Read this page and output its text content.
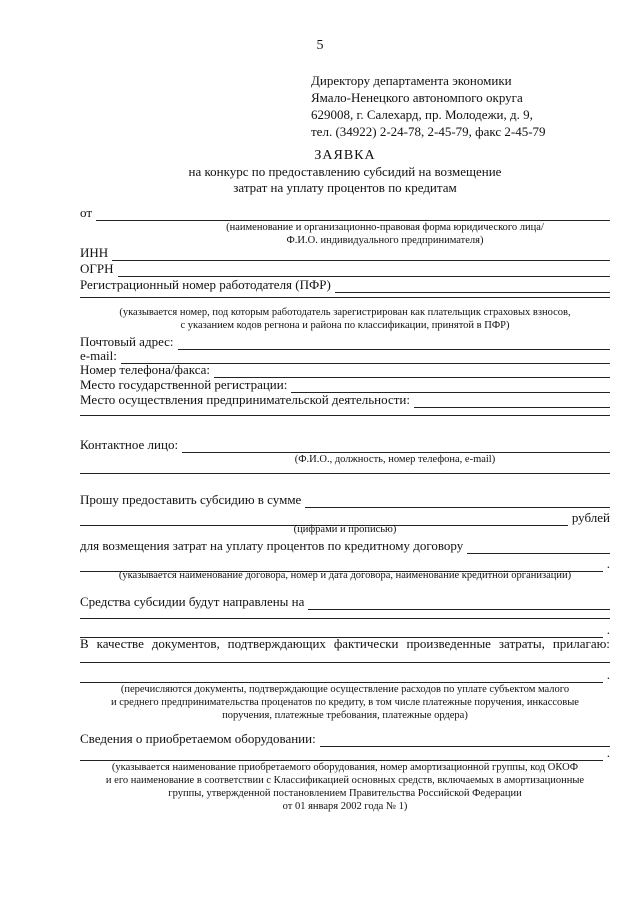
5
Директору департамента экономики
Ямало-Ненецкого автономпого округа
629008, г. Салехард, пр. Молодежи, д. 9,
тел. (34922) 2-24-78, 2-45-79, факс 2-45-79
ЗАЯВКА
на конкурс по предоставлению субсидий на возмещение
затрат на уплату процентов по кредитам
от
(наименование и организационно-правовая форма юридического лица/
Ф.И.О. индивидуального предпринимателя)
ИНН
ОГРН
Регистрационный номер работодателя (ПФР)
(указывается номер, под которым работодатель зарегистрирован как плательщик страховых взносов,
с указанием кодов регнона и района по классификации, принятой в ПФР)
Почтовый адрес:
e-mail:
Номер телефона/факса:
Место государственной регистрации:
Место осуществления предпринимательской деятельности:
Контактное лицо:
(Ф.И.О., должность, номер телефона, e-mail)
Прошу предоставить субсидию в сумме
рублей
(цифрами и прописью)
для возмещения затрат на уплату процентов по кредитному договору
.
(указывается наименование договора, номер и дата договора, наименование кредитной организации)
Средства субсидии будут направлены на
.
В качестве документов, подтверждающих фактически произведенные затраты, прилагаю:
.
(перечисляются документы, подтверждающие осуществление расходов по уплате субъектом малого
и среднего предпринимательства проценатов по кредиту, в том числе платежные поручения, инкассовые
поручения, платежные требования, платежные ордера)
Сведения о приобретаемом оборудовании:
.
(указывается наименование приобретаемого оборудования, номер амортизационной группы, код ОКОФ
и его наименование в соответствии с Классификацией основных средств, включаемых в амортизационные
группы, утвержденной постановлением Правительства Российской Федерации
от 01 января 2002 года № 1)
